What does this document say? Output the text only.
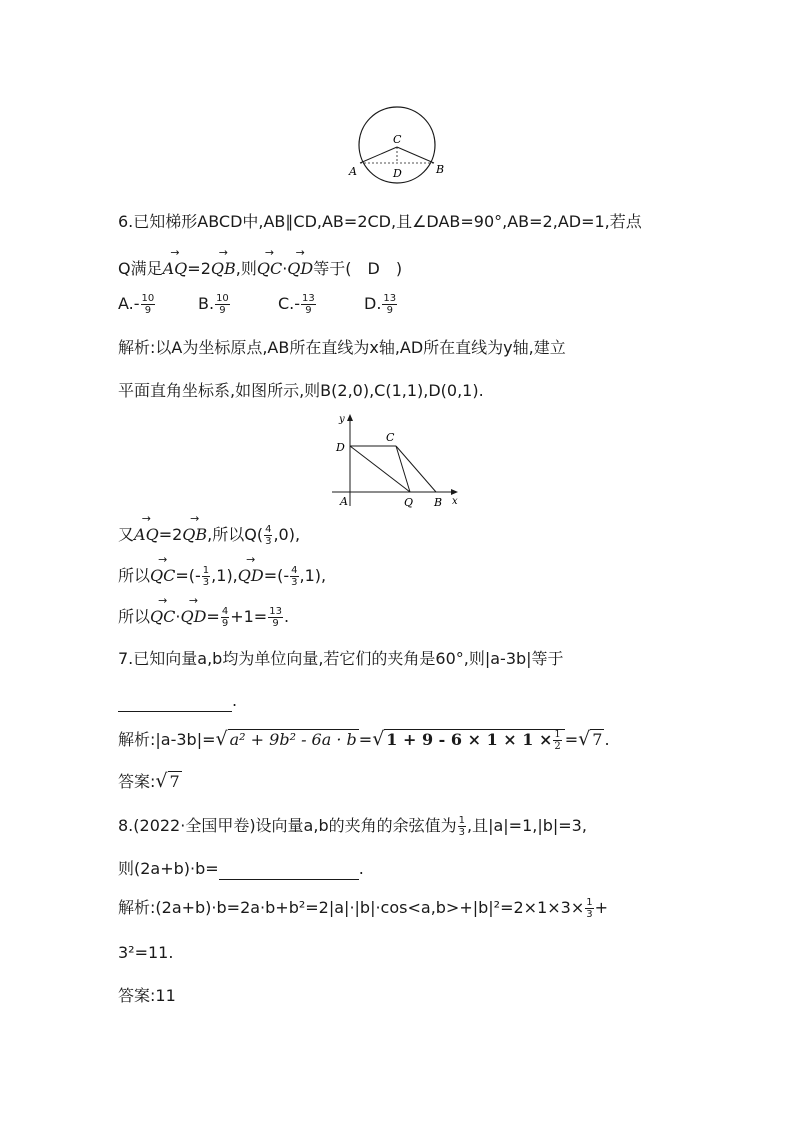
C
A	D	B
6.已知梯形ABCD中,AB∥CD,AB=2CD,且∠DAB=90°,AB=2,AD=1,若点
Q满足→ AQ=2→ QB,则→ QC·→ QD等于(　D　)
$A.- \frac{10}{9}$	B. $\frac{10}{9}$	$C.- \frac{13}{9}$	D. $\frac{13}{9}$
解析:以A为坐标原点,AB所在直线为x轴,AD所在直线为y轴,建立
平面直角坐标系,如图所示,则B(2,0),C(1,1),D(0,1).
y
x
D
C
A	Q B
又→ AQ=2→ QB,所以$Q( \frac{4}{3} ,0)$,
所以→ $QC=(- \frac{1}{3} ,1),\to QD=(- \frac{4}{3} ,1)$,
所以→ $QC\cdot\to QD= \frac{4}{9} +1= \frac{13}{9}$ .
7.已知向量a,b均为单位向量,若它们的夹角是60°,则|a-3b|等于
.
解析:|a-3b|=√ a² + 9b² - 6a · b =√ $1 + 9 - 6 \times 1 \times 1 \times \frac{1}{2}$ =√ 7 .
答案:√ 7
8.(2022·全国甲卷)设向量a,b的夹角的余弦值为 $\frac{1}{3}$ ,且|a|=1,|b|=3,
则(2a+b)·b=	.
解析:(2a+b)·b=2a·b+b²=2|a|·|b|·cos<a,b>+|b|²=2×1×3× $\frac{1}{3}$ +
3²=11.
答案:11
